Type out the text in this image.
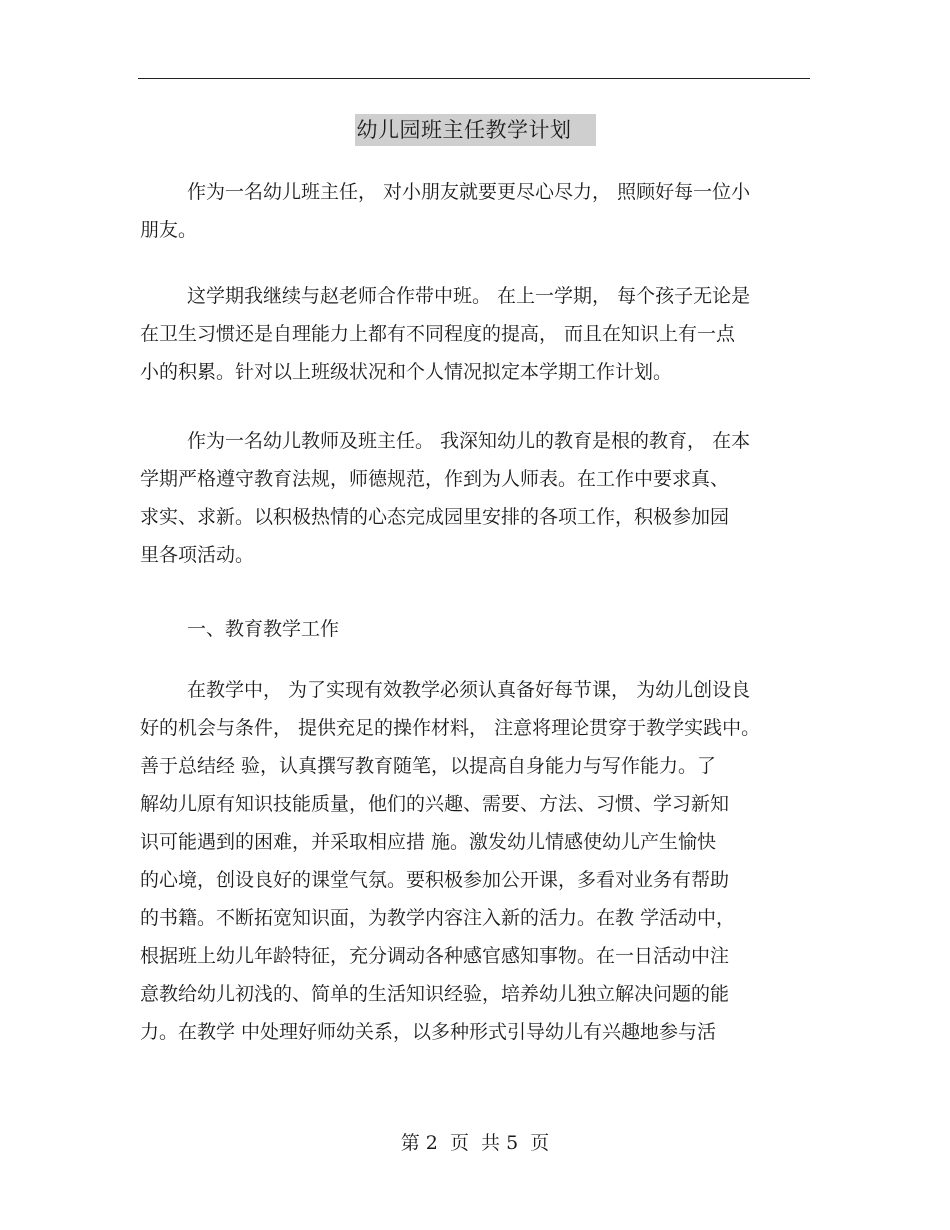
幼儿园班主任教学计划
作为一名幼儿班主任， 对小朋友就要更尽心尽力， 照顾好每一位小
朋友。
这学期我继续与赵老师合作带中班。 在上一学期， 每个孩子无论是
在卫生习惯还是自理能力上都有不同程度的提高， 而且在知识上有一点
小的积累。针对以上班级状况和个人情况拟定本学期工作计划。
作为一名幼儿教师及班主任。 我深知幼儿的教育是根的教育， 在本
学期严格遵守教育法规，师德规范，作到为人师表。在工作中要求真、
求实、求新。以积极热情的心态完成园里安排的各项工作，积极参加园
里各项活动。

一、教育教学工作

在教学中， 为了实现有效教学必须认真备好每节课， 为幼儿创设良
好的机会与条件， 提供充足的操作材料， 注意将理论贯穿于教学实践中。
善于总结经 验，认真撰写教育随笔，以提高自身能力与写作能力。了
解幼儿原有知识技能质量，他们的兴趣、需要、方法、习惯、学习新知
识可能遇到的困难，并采取相应措 施。激发幼儿情感使幼儿产生愉快
的心境，创设良好的课堂气氛。要积极参加公开课，多看对业务有帮助
的书籍。不断拓宽知识面，为教学内容注入新的活力。在教 学活动中，
根据班上幼儿年龄特征，充分调动各种感官感知事物。在一日活动中注
意教给幼儿初浅的、简单的生活知识经验，培养幼儿独立解决问题的能
力。在教学 中处理好师幼关系，以多种形式引导幼儿有兴趣地参与活
第 2  页  共 5  页
